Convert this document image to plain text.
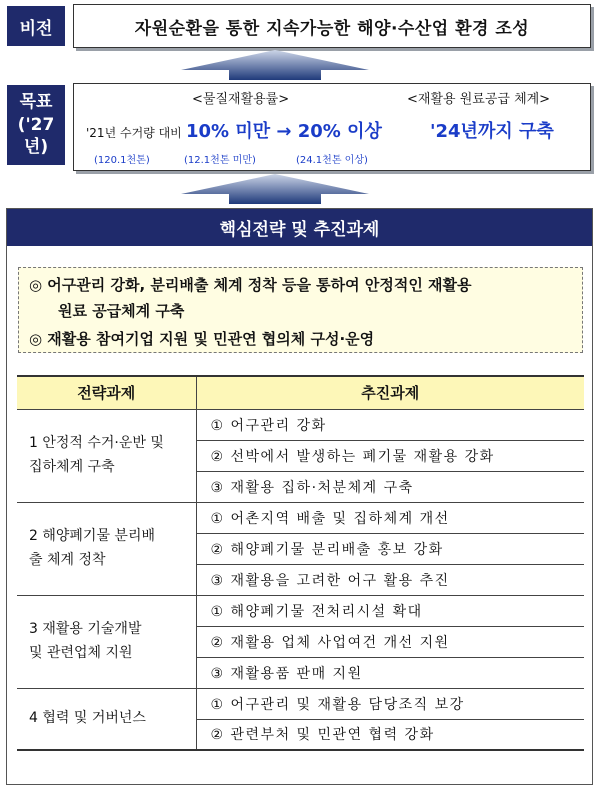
비전	자원순환을 통한 지속가능한 해양·수산업 환경 조성
목표
('27년)
<물질재활용률>	<재활용 원료공급 체계>
'21년 수거량 대비 10% 미만 → 20% 이상	'24년까지 구축
(120.1천톤)	(12.1천톤 미만)	(24.1천톤 이상)
핵심전략 및 추진과제
◎ 어구관리 강화, 분리배출 체계 정착 등을 통하여 안정적인 재활용
원료 공급체계 구축
◎ 재활용 참여기업 지원 및 민관연 협의체 구성·운영
전략과제	추진과제

1 안정적 수거·운반 및
집하체계 구축	① 어구관리 강화
	② 선박에서 발생하는 폐기물 재활용 강화
	③ 재활용 집하·처분체계 구축

2 해양폐기물 분리배
출 체계 정착	① 어촌지역 배출 및 집하체계 개선
	② 해양폐기물 분리배출 홍보 강화
	③ 재활용을 고려한 어구 활용 추진

3 재활용 기술개발
및 관련업체 지원	① 해양폐기물 전처리시설 확대
	② 재활용 업체 사업여건 개선 지원
	③ 재활용품 판매 지원

4 협력 및 거버넌스	① 어구관리 및 재활용 담당조직 보강
	② 관련부처 및 민관연 협력 강화
